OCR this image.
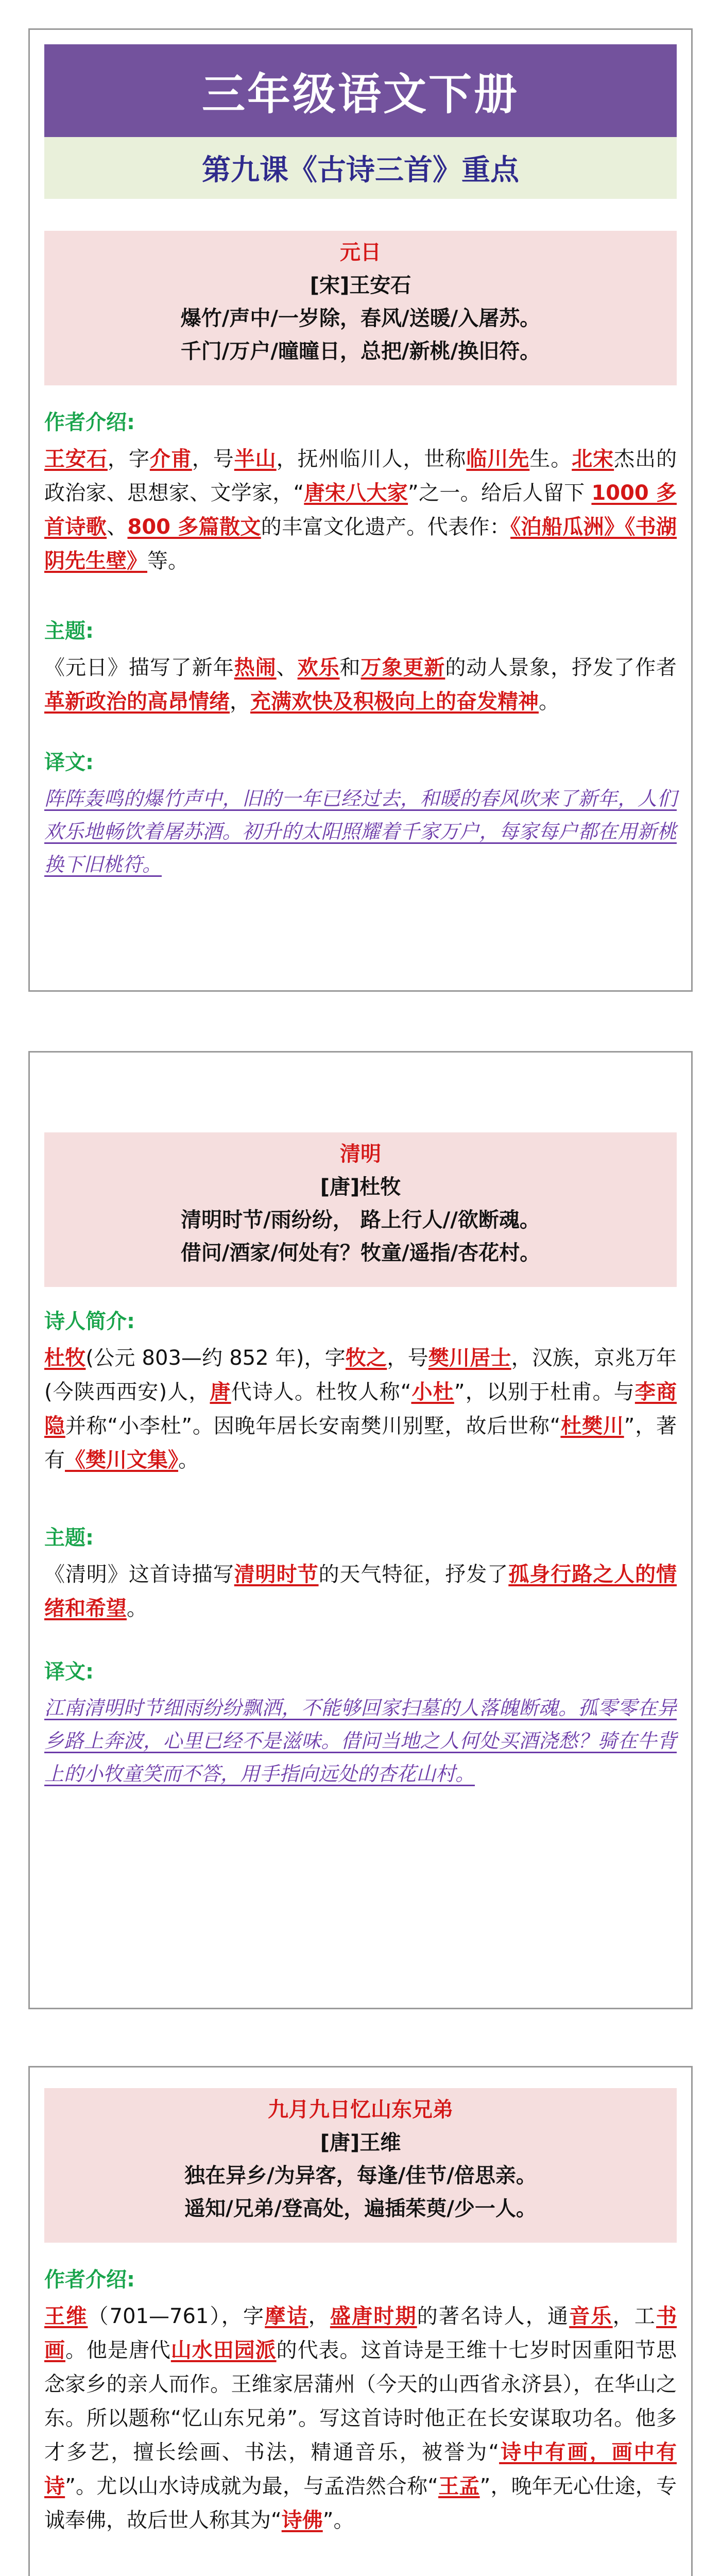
三年级语文下册
第九课《古诗三首》重点
元日
[宋]王安石
爆竹/声中/一岁除，春风/送暖/入屠苏。
千门/万户/曈曈日，总把/新桃/换旧符。
作者介绍:
王安石，字介甫，号半山，抚州临川人，世称临川先生。北宋杰出的政治家、思想家、文学家，“唐宋八大家”之一。给后人留下 1000 多首诗歌、800 多篇散文的丰富文化遗产。代表作：《泊船瓜洲》《书湖阴先生壁》等。
主题:
《元日》描写了新年热闹、欢乐和万象更新的动人景象，抒发了作者革新政治的高昂情绪，充满欢快及积极向上的奋发精神。
译文:
阵阵轰鸣的爆竹声中，旧的一年已经过去，和暖的春风吹来了新年，人们欢乐地畅饮着屠苏酒。初升的太阳照耀着千家万户，每家每户都在用新桃换下旧桃符。
清明
[唐]杜牧
清明时节/雨纷纷， 路上行人//欲断魂。
借问/酒家/何处有？牧童/遥指/杏花村。
诗人简介:
杜牧(公元 803—约 852 年)，字牧之，号樊川居士，汉族，京兆万年(今陕西西安)人，唐代诗人。杜牧人称“小杜”，以别于杜甫。与李商隐并称“小李杜”。因晚年居长安南樊川别墅，故后世称“杜樊川”，著有《樊川文集》。
主题:
《清明》这首诗描写清明时节的天气特征，抒发了孤身行路之人的情绪和希望。
译文:
江南清明时节细雨纷纷飘洒，不能够回家扫墓的人落魄断魂。孤零零在异乡路上奔波，心里已经不是滋味。借问当地之人何处买酒浇愁？骑在牛背上的小牧童笑而不答，用手指向远处的杏花山村。
九月九日忆山东兄弟
[唐]王维
独在异乡/为异客，每逢/佳节/倍思亲。
遥知/兄弟/登高处，遍插茱萸/少一人。
作者介绍:
王维（701—761），字摩诘，盛唐时期的著名诗人，通音乐，工书画。他是唐代山水田园派的代表。这首诗是王维十七岁时因重阳节思念家乡的亲人而作。王维家居蒲州（今天的山西省永济县），在华山之东。所以题称“忆山东兄弟”。写这首诗时他正在长安谋取功名。他多才多艺，擅长绘画、书法，精通音乐，被誉为“诗中有画，画中有诗”。尤以山水诗成就为最，与孟浩然合称“王孟”，晚年无心仕途，专诚奉佛，故后世人称其为“诗佛”。
